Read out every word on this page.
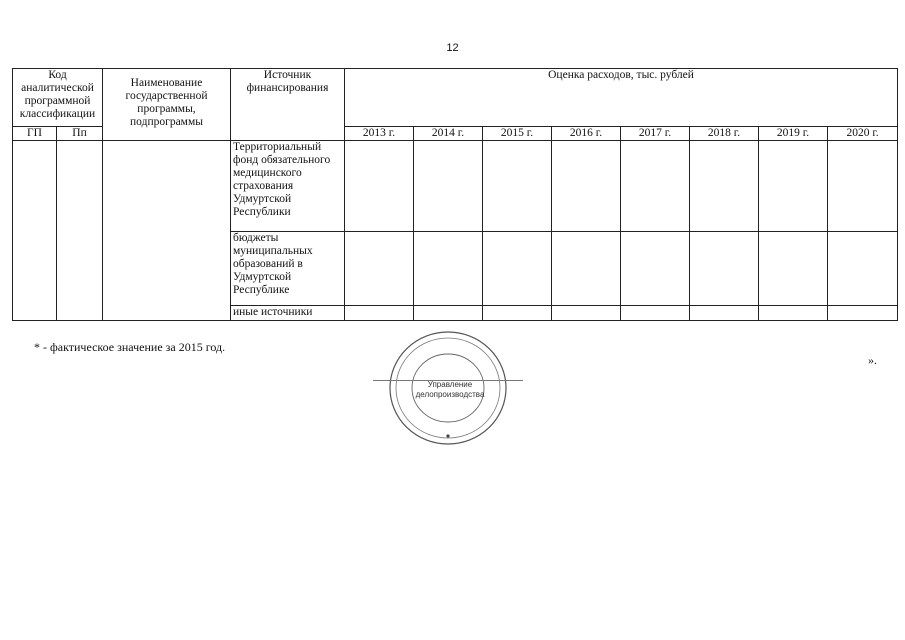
12
Код аналитической программной классификации		Наименование государственной программы, подпрограммы	Источник финансирования	Оценка расходов, тыс. рублей							
ГП	Пп			2013 г.	2014 г.	2015 г.	2016 г.	2017 г.	2018 г.	2019 г.	2020 г.
			Территориальный фонд обязательного медицинского страхования Удмуртской Республики								
			бюджеты муниципальных образований в Удмуртской Республике								
			иные источники								
* - фактическое значение за 2015 год.
».
Управление
делопроизводства
